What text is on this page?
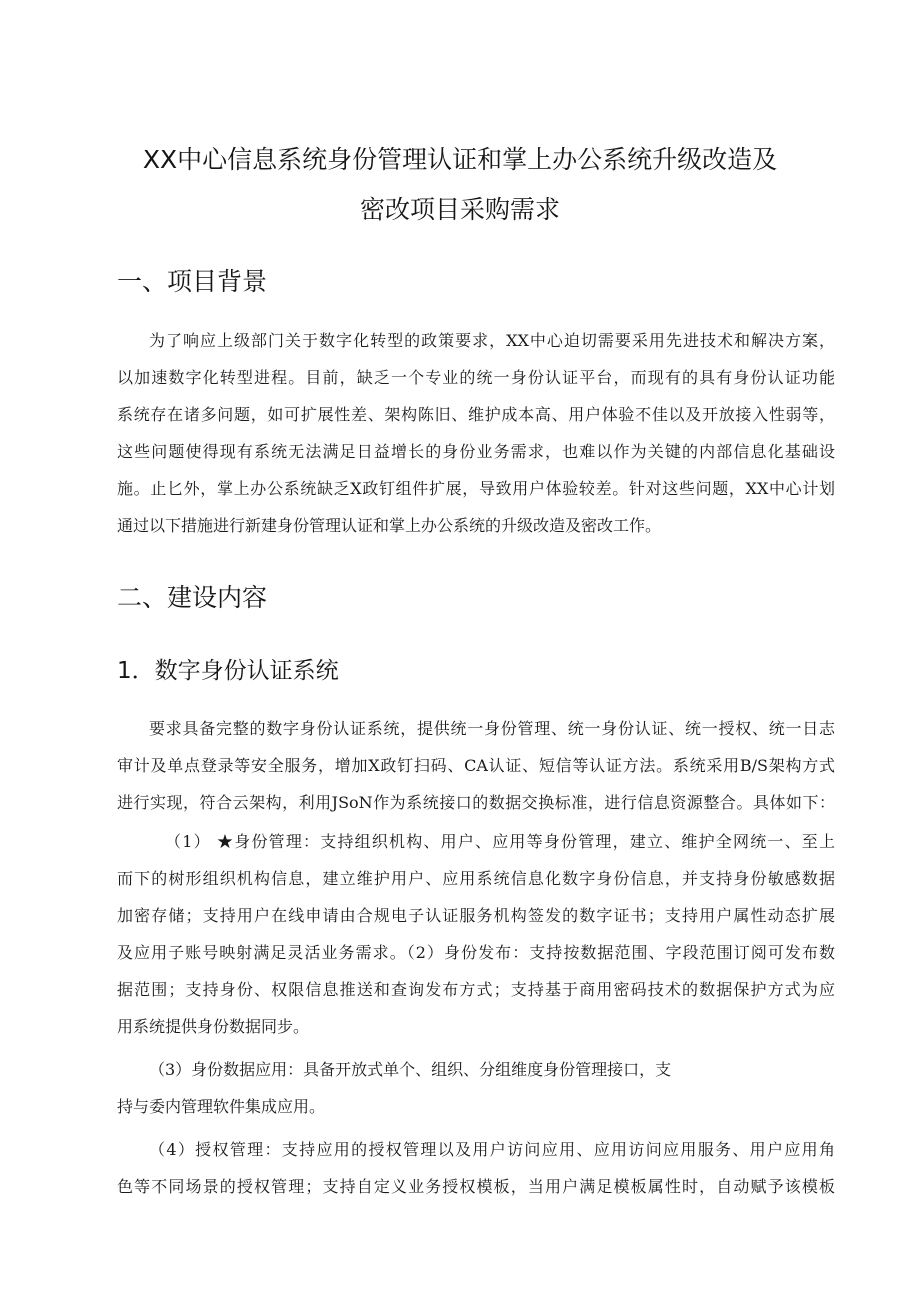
XX中心信息系统身份管理认证和掌上办公系统升级改造及
密改项目采购需求
一、项目背景
为了响应上级部门关于数字化转型的政策要求，XX中心迫切需要采用先进技术和解决方案，
以加速数字化转型进程。目前，缺乏一个专业的统一身份认证平台，而现有的具有身份认证功能
系统存在诸多问题，如可扩展性差、架构陈旧、维护成本高、用户体验不佳以及开放接入性弱等，
这些问题使得现有系统无法满足日益增长的身份业务需求，也难以作为关键的内部信息化基础设
施。止匕外，掌上办公系统缺乏X政钉组件扩展，导致用户体验较差。针对这些问题，XX中心计划
通过以下措施进行新建身份管理认证和掌上办公系统的升级改造及密改工作。
二、建设内容
1．数字身份认证系统
要求具备完整的数字身份认证系统，提供统一身份管理、统一身份认证、统一授权、统一日志
审计及单点登录等安全服务，增加X政钉扫码、CA认证、短信等认证方法。系统采用B/S架构方式
进行实现，符合云架构，利用JSoN作为系统接口的数据交换标准，进行信息资源整合。具体如下：
（1） ★身份管理：支持组织机构、用户、应用等身份管理，建立、维护全网统一、至上
而下的树形组织机构信息，建立维护用户、应用系统信息化数字身份信息，并支持身份敏感数据
加密存储；支持用户在线申请由合规电子认证服务机构签发的数字证书；支持用户属性动态扩展
及应用子账号映射满足灵活业务需求。（2）身份发布：支持按数据范围、字段范围订阅可发布数
据范围；支持身份、权限信息推送和查询发布方式；支持基于商用密码技术的数据保护方式为应
用系统提供身份数据同步。
（3）身份数据应用：具备开放式单个、组织、分组维度身份管理接口，支
持与委内管理软件集成应用。
（4）授权管理：支持应用的授权管理以及用户访问应用、应用访问应用服务、用户应用角
色等不同场景的授权管理；支持自定义业务授权模板，当用户满足模板属性时，自动赋予该模板
